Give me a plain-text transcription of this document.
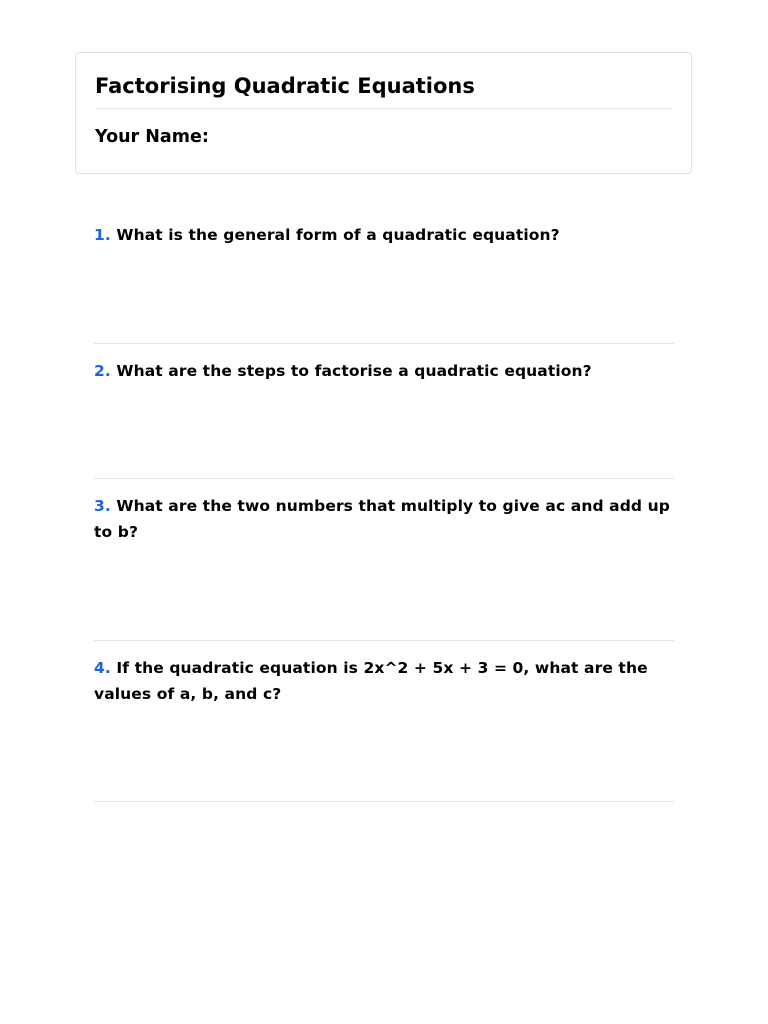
Factorising Quadratic Equations
Your Name:
1. What is the general form of a quadratic equation?
2. What are the steps to factorise a quadratic equation?
3. What are the two numbers that multiply to give ac and add up to b?
4. If the quadratic equation is 2x^2 + 5x + 3 = 0, what are the values of a, b, and c?
